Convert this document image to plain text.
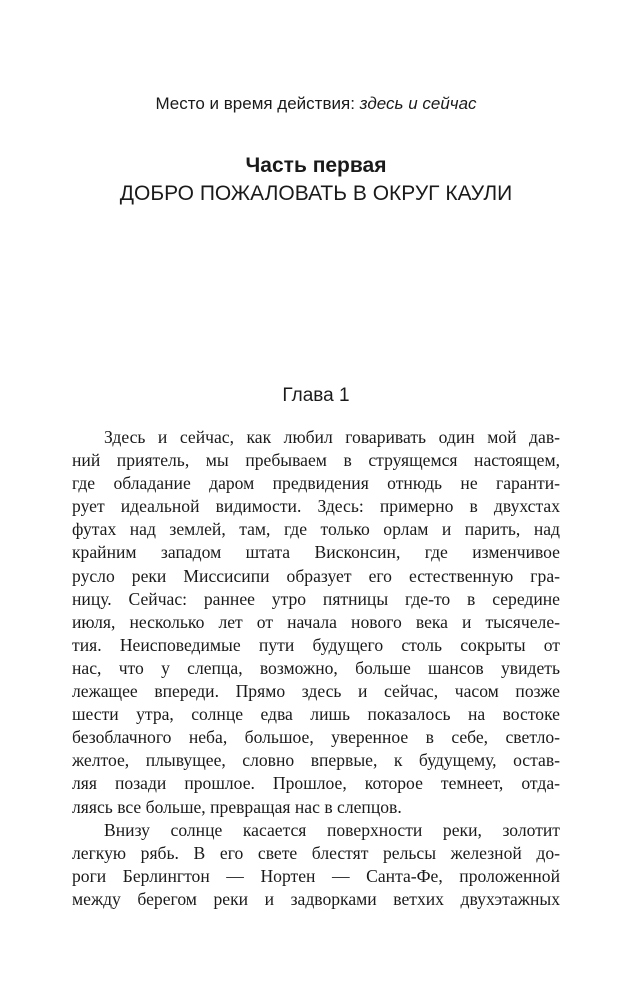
Место и время действия: здесь и сейчас
Часть первая
ДОБРО ПОЖАЛОВАТЬ В ОКРУГ КАУЛИ
Глава 1

Здесь и сейчас, как любил говаривать один мой дав-
ний приятель, мы пребываем в струящемся настоящем,
где обладание даром предвидения отнюдь не гаранти-
рует идеальной видимости. Здесь: примерно в двухстах
футах над землей, там, где только орлам и парить, над
крайним западом штата Висконсин, где изменчивое
русло реки Миссисипи образует его естественную гра-
ницу. Сейчас: раннее утро пятницы где-то в середине
июля, несколько лет от начала нового века и тысячеле-
тия. Неисповедимые пути будущего столь сокрыты от
нас, что у слепца, возможно, больше шансов увидеть
лежащее впереди. Прямо здесь и сейчас, часом позже
шести утра, солнце едва лишь показалось на востоке
безоблачного неба, большое, уверенное в себе, светло-
желтое, плывущее, словно впервые, к будущему, остав-
ляя позади прошлое. Прошлое, которое темнеет, отда-
ляясь все больше, превращая нас в слепцов.

Внизу солнце касается поверхности реки, золотит
легкую рябь. В его свете блестят рельсы железной до-
роги Берлингтон — Нортен — Санта-Фе, проложенной
между берегом реки и задворками ветхих двухэтажных
